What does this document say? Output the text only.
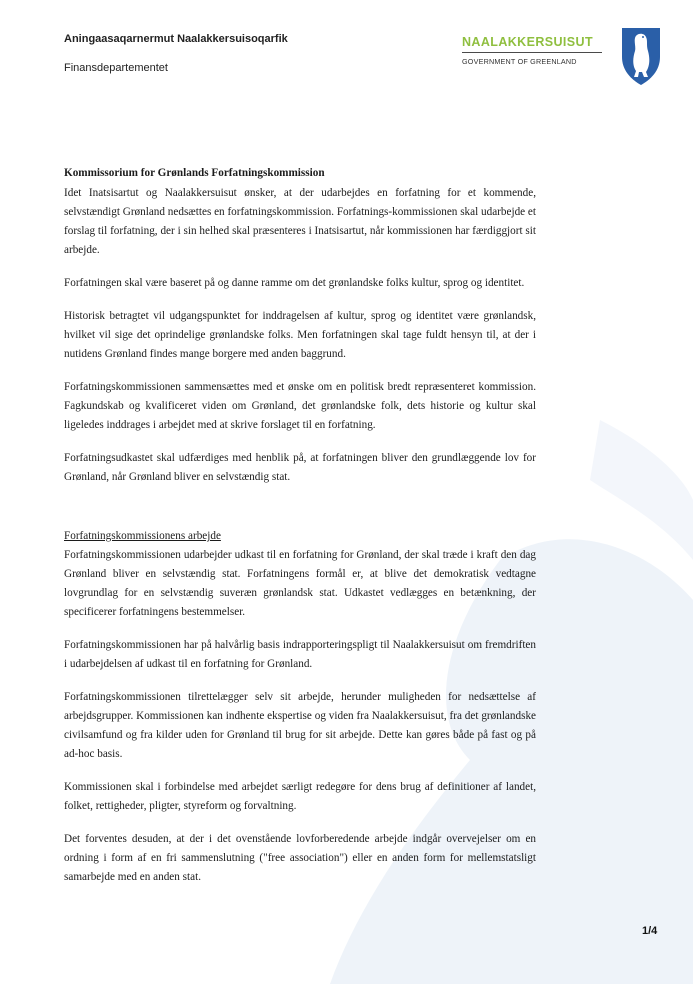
Aningaasaqarnermut Naalakkersuisoqarfik
Finansdepartementet
NAALAKKERSUISUT
GOVERNMENT OF GREENLAND
Kommissorium for Grønlands Forfatningskommission

Idet Inatsisartut og Naalakkersuisut ønsker, at der udarbejdes en forfatning for et kommende, selvstændigt Grønland nedsættes en forfatningskommission. Forfatnings-kommissionen skal udarbejde et forslag til forfatning, der i sin helhed skal præsenteres i Inatsisartut, når kommissionen har færdiggjort sit arbejde.

Forfatningen skal være baseret på og danne ramme om det grønlandske folks kultur, sprog og identitet.

Historisk betragtet vil udgangspunktet for inddragelsen af kultur, sprog og identitet være grønlandsk, hvilket vil sige det oprindelige grønlandske folks. Men forfatningen skal tage fuldt hensyn til, at der i nutidens Grønland findes mange borgere med anden baggrund.

Forfatningskommissionen sammensættes med et ønske om en politisk bredt repræsenteret kommission. Fagkundskab og kvalificeret viden om Grønland, det grønlandske folk, dets historie og kultur skal ligeledes inddrages i arbejdet med at skrive forslaget til en forfatning.

Forfatningsudkastet skal udfærdiges med henblik på, at forfatningen bliver den grundlæggende lov for Grønland, når Grønland bliver en selvstændig stat.

Forfatningskommissionens arbejde

Forfatningskommissionen udarbejder udkast til en forfatning for Grønland, der skal træde i kraft den dag Grønland bliver en selvstændig stat. Forfatningens formål er, at blive det demokratisk vedtagne lovgrundlag for en selvstændig suveræn grønlandsk stat. Udkastet vedlægges en betænkning, der specificerer forfatningens bestemmelser.

Forfatningskommissionen har på halvårlig basis indrapporteringspligt til Naalakkersuisut om fremdriften i udarbejdelsen af udkast til en forfatning for Grønland.

Forfatningskommissionen tilrettelægger selv sit arbejde, herunder muligheden for nedsættelse af arbejdsgrupper. Kommissionen kan indhente ekspertise og viden fra Naalakkersuisut, fra det grønlandske civilsamfund og fra kilder uden for Grønland til brug for sit arbejde. Dette kan gøres både på fast og på ad-hoc basis.

Kommissionen skal i forbindelse med arbejdet særligt redegøre for dens brug af definitioner af landet, folket, rettigheder, pligter, styreform og forvaltning.

Det forventes desuden, at der i det ovenstående lovforberedende arbejde indgår overvejelser om en ordning i form af en fri sammenslutning ("free association") eller en anden form for mellemstatsligt samarbejde med en anden stat.

1/4
